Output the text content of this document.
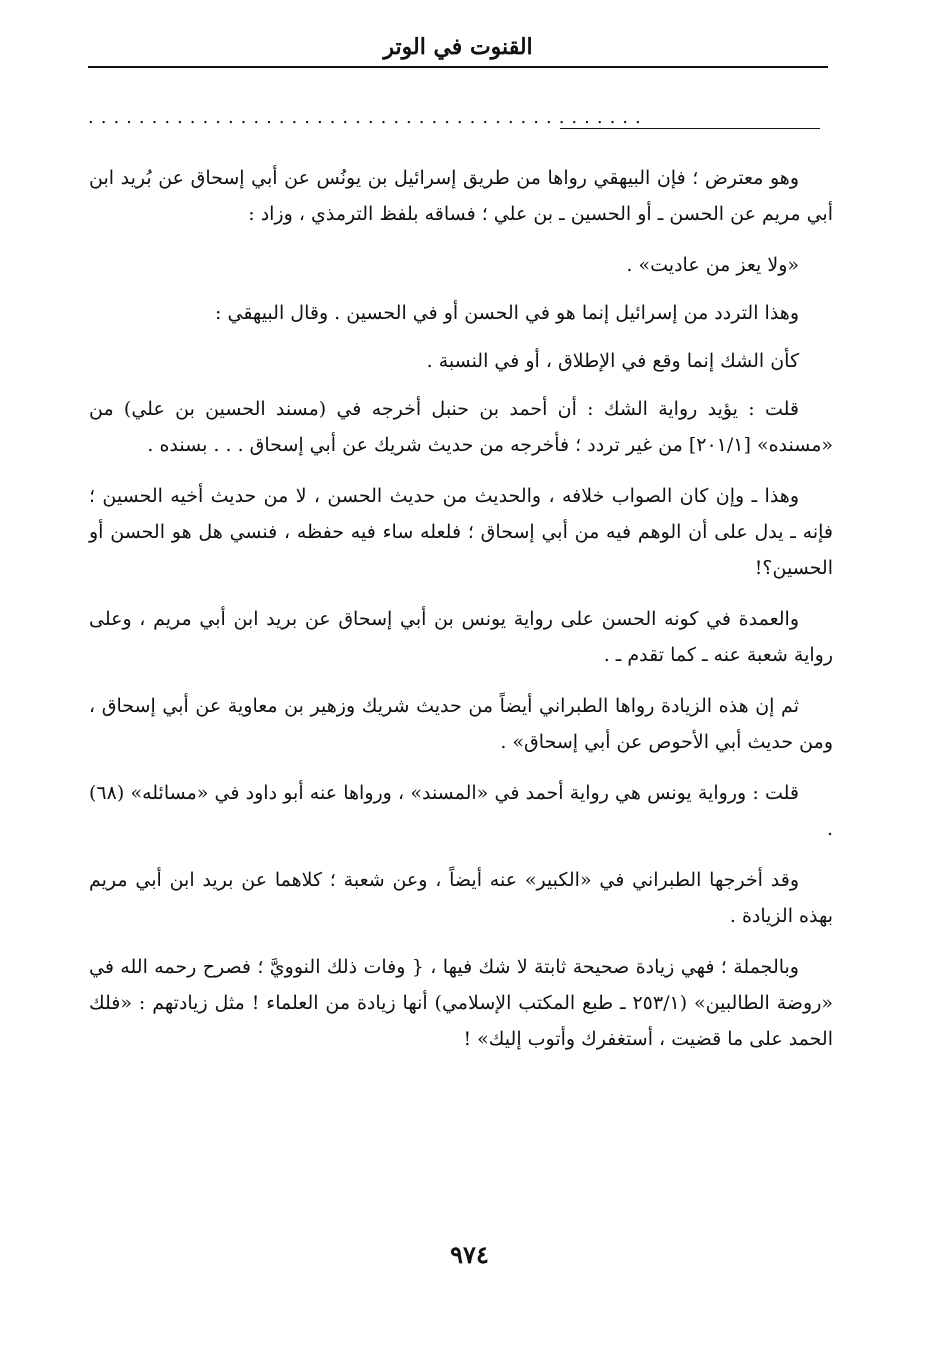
القنوت في الوتر
............................................

وهو معترض ؛ فإن البيهقي رواها من طريق إسرائيل بن يونُس عن أبي إسحاق عن بُريد ابن أبي مريم عن الحسن ـ أو الحسين ـ بن علي ؛ فساقه بلفظ الترمذي ، وزاد :

«ولا يعز من عاديت» .

وهذا التردد من إسرائيل إنما هو في الحسن أو في الحسين . وقال البيهقي :

كأن الشك إنما وقع في الإطلاق ، أو في النسبة .

قلت : يؤيد رواية الشك : أن أحمد بن حنبل أخرجه في (مسند الحسين بن علي) من «مسنده» [٢٠١/١] من غير تردد ؛ فأخرجه من حديث شريك عن أبي إسحاق . . . بسنده .

وهذا ـ وإن كان الصواب خلافه ، والحديث من حديث الحسن ، لا من حديث أخيه الحسين ؛ فإنه ـ يدل على أن الوهم فيه من أبي إسحاق ؛ فلعله ساء فيه حفظه ، فنسي هل هو الحسن أو الحسين؟!

والعمدة في كونه الحسن على رواية يونس بن أبي إسحاق عن بريد ابن أبي مريم ، وعلى رواية شعبة عنه ـ كما تقدم ـ .

ثم إن هذه الزيادة رواها الطبراني أيضاً من حديث شريك وزهير بن معاوية عن أبي إسحاق ، ومن حديث أبي الأحوص عن أبي إسحاق» .

قلت : ورواية يونس هي رواية أحمد في «المسند» ، ورواها عنه أبو داود في «مسائله» (٦٨) .

وقد أخرجها الطبراني في «الكبير» عنه أيضاً ، وعن شعبة ؛ كلاهما عن بريد ابن أبي مريم بهذه الزيادة .

وبالجملة ؛ فهي زيادة صحيحة ثابتة لا شك فيها ، { وفات ذلك النوويَّ ؛ فصرح رحمه الله في «روضة الطالبين» (٢٥٣/١ ـ طبع المكتب الإسلامي) أنها زيادة من العلماء ! مثل زيادتهم : «فلك الحمد على ما قضيت ، أستغفرك وأتوب إليك» !

٩٧٤
